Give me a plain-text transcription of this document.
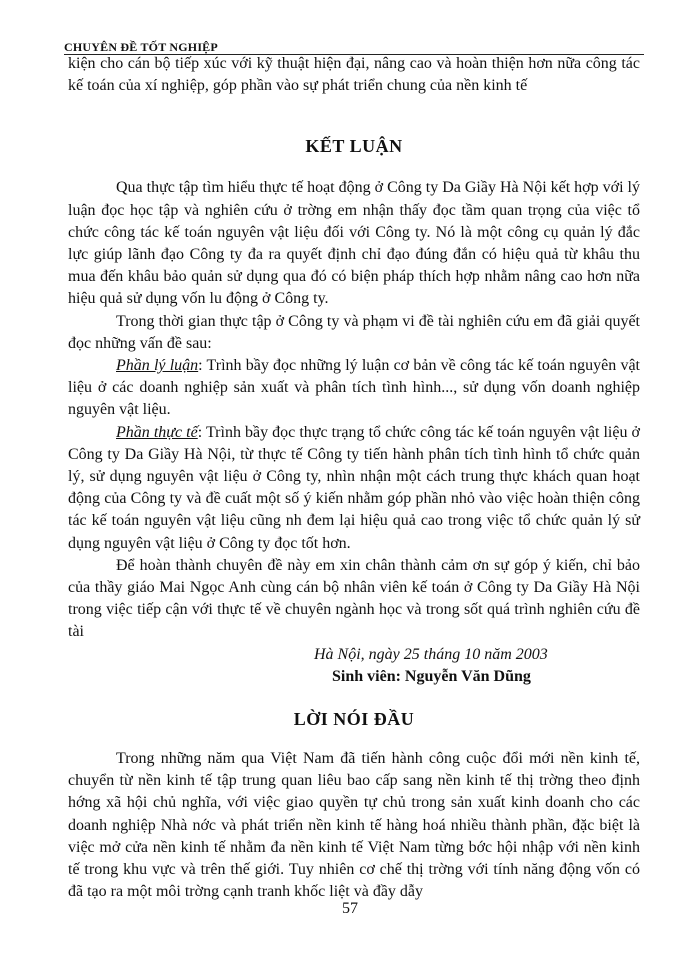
CHUYÊN ĐỀ TỐT NGHIỆP

kiện cho cán bộ tiếp xúc với kỹ thuật hiện đại, nâng cao và hoàn thiện hơn nữa công tác kế toán của xí nghiệp, góp phần vào sự phát triển chung của nền kinh tế

KẾT LUẬN

Qua thực tập tìm hiểu thực tế hoạt động ở Công ty Da Giầy Hà Nội kết hợp với lý luận đọc học tập và nghiên cứu ở trờng em nhận thấy đọc tầm quan trọng của việc tổ chức công tác kế toán nguyên vật liệu đối với Công ty. Nó là một công cụ quản lý đắc lực giúp lãnh đạo Công ty đa ra quyết định chỉ đạo đúng đắn có hiệu quả từ khâu thu mua đến khâu bảo quản sử dụng qua đó có biện pháp thích hợp nhằm nâng cao hơn nữa hiệu quả sử dụng vốn lu động ở Công ty.

Trong thời gian thực tập ở Công ty và phạm vi đề tài nghiên cứu em đã giải quyết đọc những vấn đề sau:

Phần lý luận: Trình bầy đọc những lý luận cơ bản về công tác kế toán nguyên vật liệu ở các doanh nghiệp sản xuất và phân tích tình hình..., sử dụng vốn doanh nghiệp nguyên vật liệu.

Phần thực tế: Trình bầy đọc thực trạng tổ chức công tác kế toán nguyên vật liệu ở Công ty Da Giầy Hà Nội, từ thực tế Công ty tiến hành phân tích tình hình tổ chức quản lý, sử dụng nguyên vật liệu ở Công ty, nhìn nhận một cách trung thực khách quan hoạt động của Công ty và đề cuất một số ý kiến nhằm góp phần nhỏ vào việc hoàn thiện công tác kế toán nguyên vật liệu cũng nh đem lại hiệu quả cao trong việc tổ chức quản lý sử dụng nguyên vật liệu ở Công ty đọc tốt hơn.

Để hoàn thành chuyên đề này em xin chân thành cảm ơn sự góp ý kiến, chỉ bảo của thầy giáo Mai Ngọc Anh cùng cán bộ nhân viên kế toán ở Công ty Da Giầy Hà Nội trong việc tiếp cận với thực tế về chuyên ngành học và trong sốt quá trình nghiên cứu đề tài

Hà Nội, ngày 25 tháng 10 năm 2003

Sinh viên: Nguyễn Văn Dũng

LỜI NÓI ĐẦU

Trong những năm qua Việt Nam đã tiến hành công cuộc đổi mới nền kinh tế, chuyển từ nền kinh tế tập trung quan liêu bao cấp sang nền kinh tế thị trờng theo định hớng xã hội chủ nghĩa, với việc giao quyền tự chủ trong sản xuất kinh doanh cho các doanh nghiệp Nhà nớc và phát triển nền kinh tế hàng hoá nhiều thành phần, đặc biệt là việc mở cửa nền kinh tế nhằm đa nền kinh tế Việt Nam từng bớc hội nhập với nền kinh tế trong khu vực và trên thế giới. Tuy nhiên cơ chế thị trờng với tính năng động vốn có đã tạo ra một môi trờng cạnh tranh khốc liệt và đầy dẫy

57
